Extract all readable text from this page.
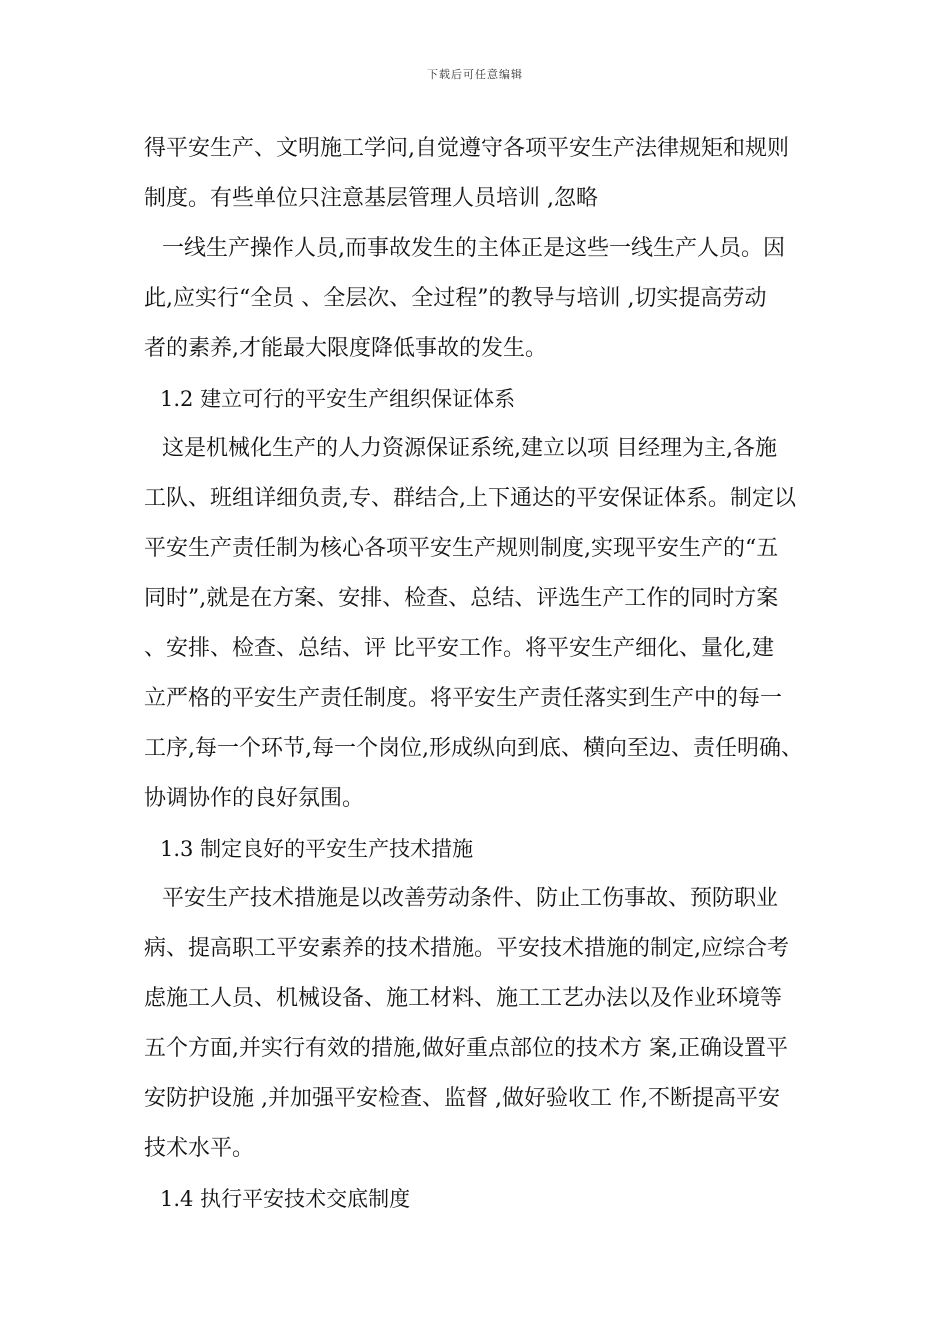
下载后可任意编辑
得平安生产、文明施工学问,自觉遵守各项平安生产法律规矩和规则
制度。有些单位只注意基层管理人员培训 ,忽略
一线生产操作人员,而事故发生的主体正是这些一线生产人员。因
此,应实行“全员 、全层次、全过程”的教导与培训 ,切实提高劳动
者的素养,才能最大限度降低事故的发生。
1.2 建立可行的平安生产组织保证体系
这是机械化生产的人力资源保证系统,建立以项 目经理为主,各施
工队、班组详细负责,专、群结合,上下通达的平安保证体系。制定以
平安生产责任制为核心各项平安生产规则制度,实现平安生产的“五
同时”,就是在方案、安排、检查、总结、评选生产工作的同时方案
、安排、检查、总结、评 比平安工作。将平安生产细化、量化,建
立严格的平安生产责任制度。将平安生产责任落实到生产中的每一
工序,每一个环节,每一个岗位,形成纵向到底、横向至边、责任明确、
协调协作的良好氛围。
1.3 制定良好的平安生产技术措施
平安生产技术措施是以改善劳动条件、防止工伤事故、预防职业
病、提高职工平安素养的技术措施。平安技术措施的制定,应综合考
虑施工人员、机械设备、施工材料、施工工艺办法以及作业环境等
五个方面,并实行有效的措施,做好重点部位的技术方 案,正确设置平
安防护设施 ,并加强平安检查、监督 ,做好验收工 作,不断提高平安
技术水平。
1.4 执行平安技术交底制度
